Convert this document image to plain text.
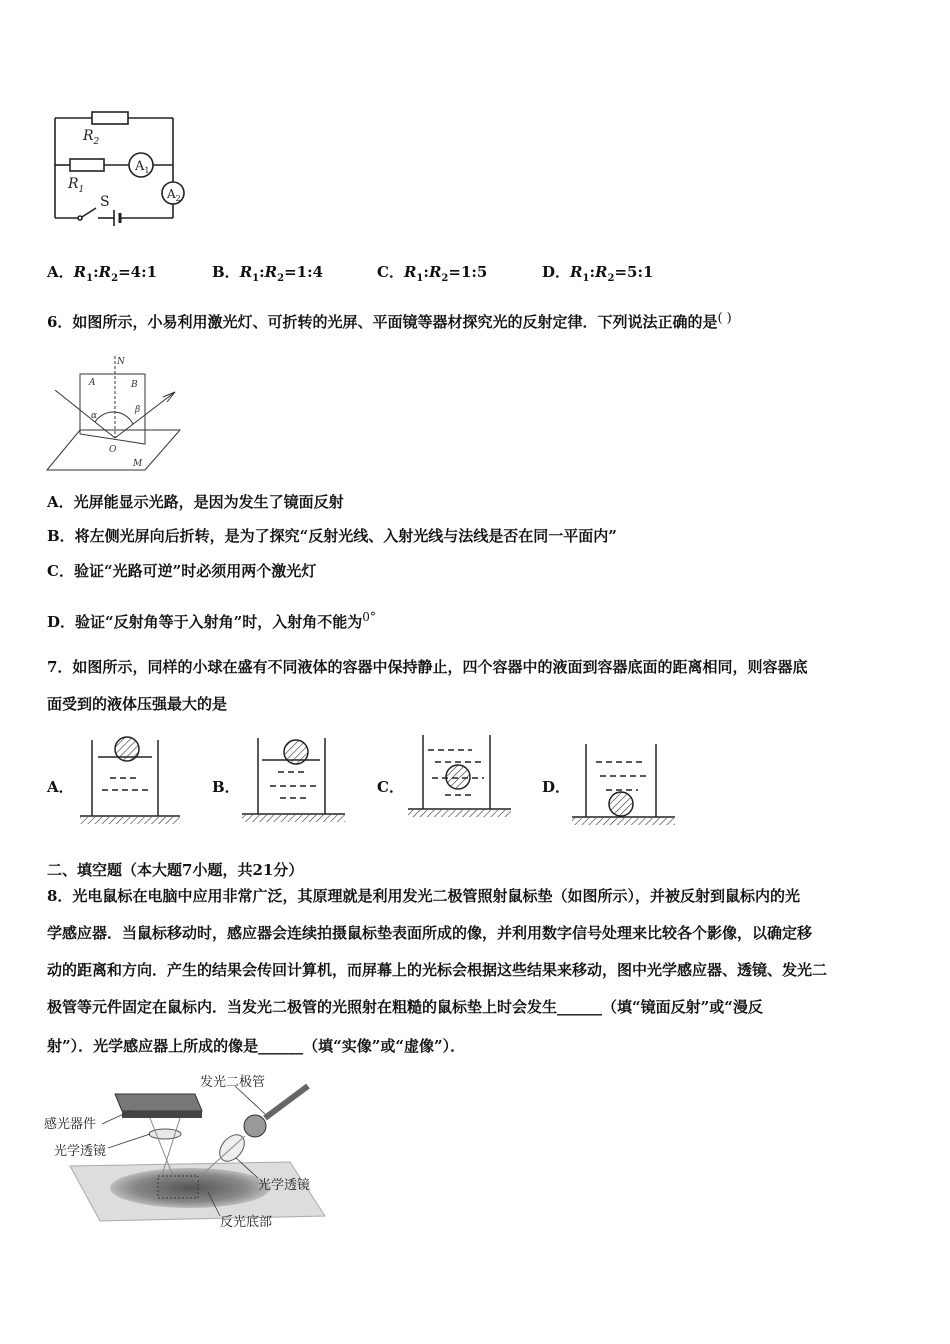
$R_2$
$R_1$
S
$A_1$
$A_2$
A．$R_1:R_2=4:1$	B．$R_1:R_2=1:4$	C．$R_1:R_2=1:5$	D．$R_1:R_2=5:1$
6．如图所示，小易利用激光灯、可折转的光屏、平面镜等器材探究光的反射定律．下列说法正确的是( )
N
A	B
α
β
O
M
A．光屏能显示光路，是因为发生了镜面反射
B．将左侧光屏向后折转，是为了探究“反射光线、入射光线与法线是否在同一平面内”
C．验证“光路可逆”时必须用两个激光灯
D．验证“反射角等于入射角”时，入射角不能为$^{0^\circ}$
7．如图所示，同样的小球在盛有不同液体的容器中保持静止，四个容器中的液面到容器底面的距离相同，则容器底
面受到的液体压强最大的是
A．	B．	C．	D．
二、填空题（本大题7小题，共21分）
8．光电鼠标在电脑中应用非常广泛，其原理就是利用发光二极管照射鼠标垫（如图所示），并被反射到鼠标内的光
学感应器．当鼠标移动时，感应器会连续拍摄鼠标垫表面所成的像，并利用数字信号处理来比较各个影像，以确定移
动的距离和方向．产生的结果会传回计算机，而屏幕上的光标会根据这些结果来移动，图中光学感应器、透镜、发光二
极管等元件固定在鼠标内．当发光二极管的光照射在粗糙的鼠标垫上时会发生______（填“镜面反射”或“漫反
射”）．光学感应器上所成的像是______（填“实像”或“虚像”）．
发光二极管
感光器件
光学透镜
光学透镜
反光底部
